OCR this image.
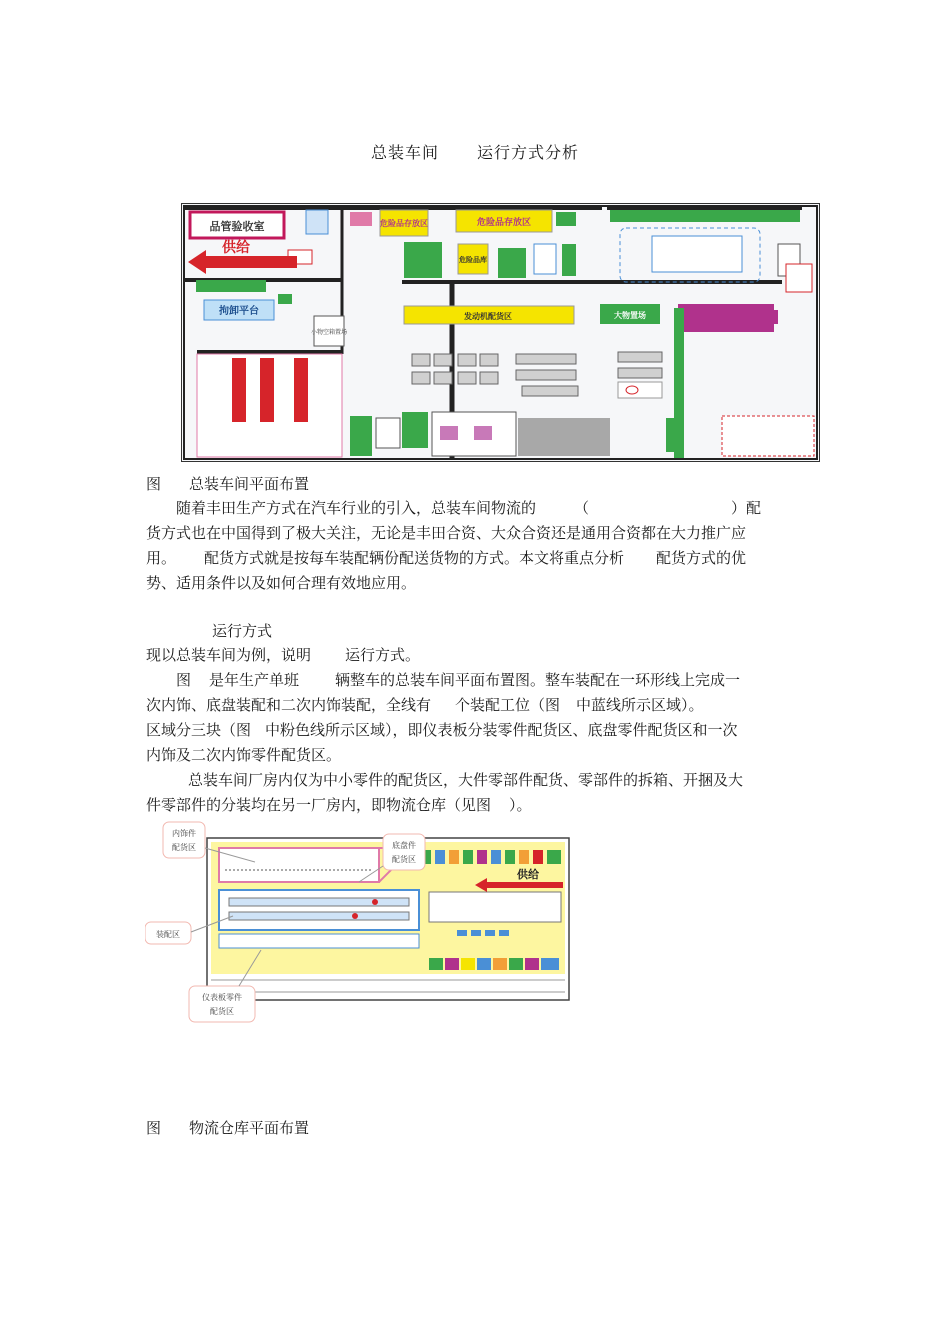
总装车间 运行方式分析
品管验收室
供给
拘卸平台
小物空箱置场
危险品存放区	危险品存放区
危险品库
发动机配货区	大物置场
图 总装车间平面布置
随着丰田生产方式在汽车行业的引入，总装车间物流的	（	）配
货方式也在中国得到了极大关注，无论是丰田合资、大众合资还是通用合资都在大力推广应
用。 配货方式就是按每车装配辆份配送货物的方式。本文将重点分析 配货方式的优
势、适用条件以及如何合理有效地应用。
运行方式
现以总装车间为例，说明 运行方式。
图 是年生产单班 辆整车的总装车间平面布置图。整车装配在一环形线上完成一
次内饰、底盘装配和二次内饰装配，全线有 个装配工位（图 中蓝线所示区域）。
区域分三块（图 中粉色线所示区域），即仪表板分装零件配货区、底盘零件配货区和一次
内饰及二次内饰零件配货区。
总装车间厂房内仅为中小零件的配货区，大件零部件配货、零部件的拆箱、开捆及大
件零部件的分装均在另一厂房内，即物流仓库（见图 ）。
供给
内饰件
配货区	底盘件
配货区
装配区
仪表板零件
配货区
图 物流仓库平面布置
